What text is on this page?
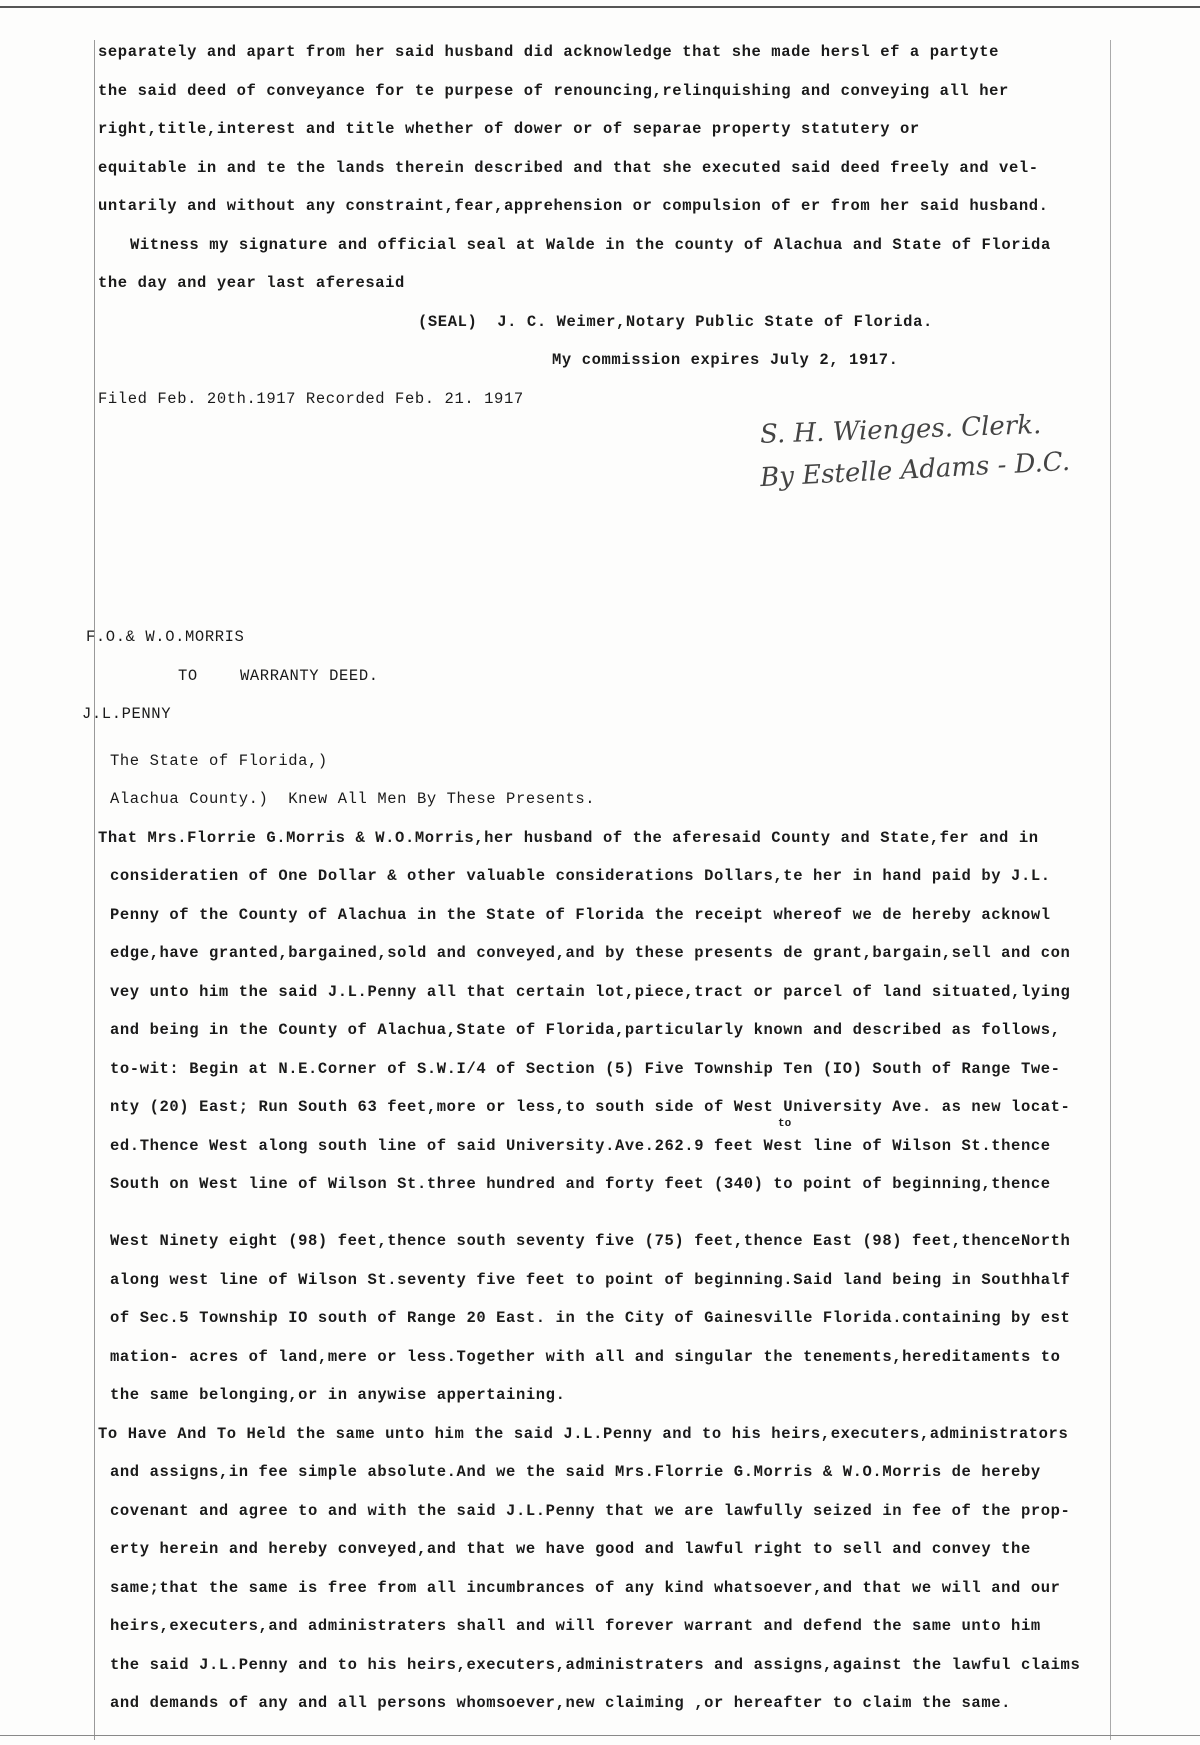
separately and apart from her said husband did acknowledge that she made hersl ef a partyte
the said deed of conveyance for te purpese of renouncing,relinquishing and conveying all her
right,title,interest and title whether of dower or of separae property statutery or
equitable in and te the lands therein described and that she executed said deed freely and vel-
untarily and without any constraint,fear,apprehension or compulsion of er from her said husband.
Witness my signature and official seal at Walde in the county of Alachua and State of Florida
the day and year last aferesaid
(SEAL)  J. C. Weimer,Notary Public State of Florida.
My commission expires July 2, 1917.
Filed Feb. 20th.1917 Recorded Feb. 21. 1917
S. H. Wienges. Clerk.
By Estelle Adams - D.C.
F.O.& W.O.MORRIS
TO	WARRANTY DEED.
J.L.PENNY
The State of Florida,)
Alachua County.)  Knew All Men By These Presents.
That Mrs.Florrie G.Morris & W.O.Morris,her husband of the aferesaid County and State,fer and in
consideratien of One Dollar & other valuable considerations Dollars,te her in hand paid by J.L.
Penny of the County of Alachua in the State of Florida the receipt whereof we de hereby acknowl
edge,have granted,bargained,sold and conveyed,and by these presents de grant,bargain,sell and con
vey unto him the said J.L.Penny all that certain lot,piece,tract or parcel of land situated,lying
and being in the County of Alachua,State of Florida,particularly known and described as follows,
to-wit: Begin at N.E.Corner of S.W.I/4 of Section (5) Five Township Ten (IO) South of Range Twe-
nty (20) East; Run South 63 feet,more or less,to south side of West University Ave. as new locat-
to
ed.Thence West along south line of said University.Ave.262.9 feet West line of Wilson St.thence
South on West line of Wilson St.three hundred and forty feet (340) to point of beginning,thence
West Ninety eight (98) feet,thence south seventy five (75) feet,thence East (98) feet,thenceNorth
along west line of Wilson St.seventy five feet to point of beginning.Said land being in Southhalf
of Sec.5 Township IO south of Range 20 East. in the City of Gainesville Florida.containing by est
mation- acres of land,mere or less.Together with all and singular the tenements,hereditaments to
the same belonging,or in anywise appertaining.
To Have And To Held the same unto him the said J.L.Penny and to his heirs,executers,administrators
and assigns,in fee simple absolute.And we the said Mrs.Florrie G.Morris & W.O.Morris de hereby
covenant and agree to and with the said J.L.Penny that we are lawfully seized in fee of the prop-
erty herein and hereby conveyed,and that we have good and lawful right to sell and convey the
same;that the same is free from all incumbrances of any kind whatsoever,and that we will and our
heirs,executers,and administraters shall and will forever warrant and defend the same unto him
the said J.L.Penny and to his heirs,executers,administraters and assigns,against the lawful claims
and demands of any and all persons whomsoever,new claiming ,or hereafter to claim the same.
